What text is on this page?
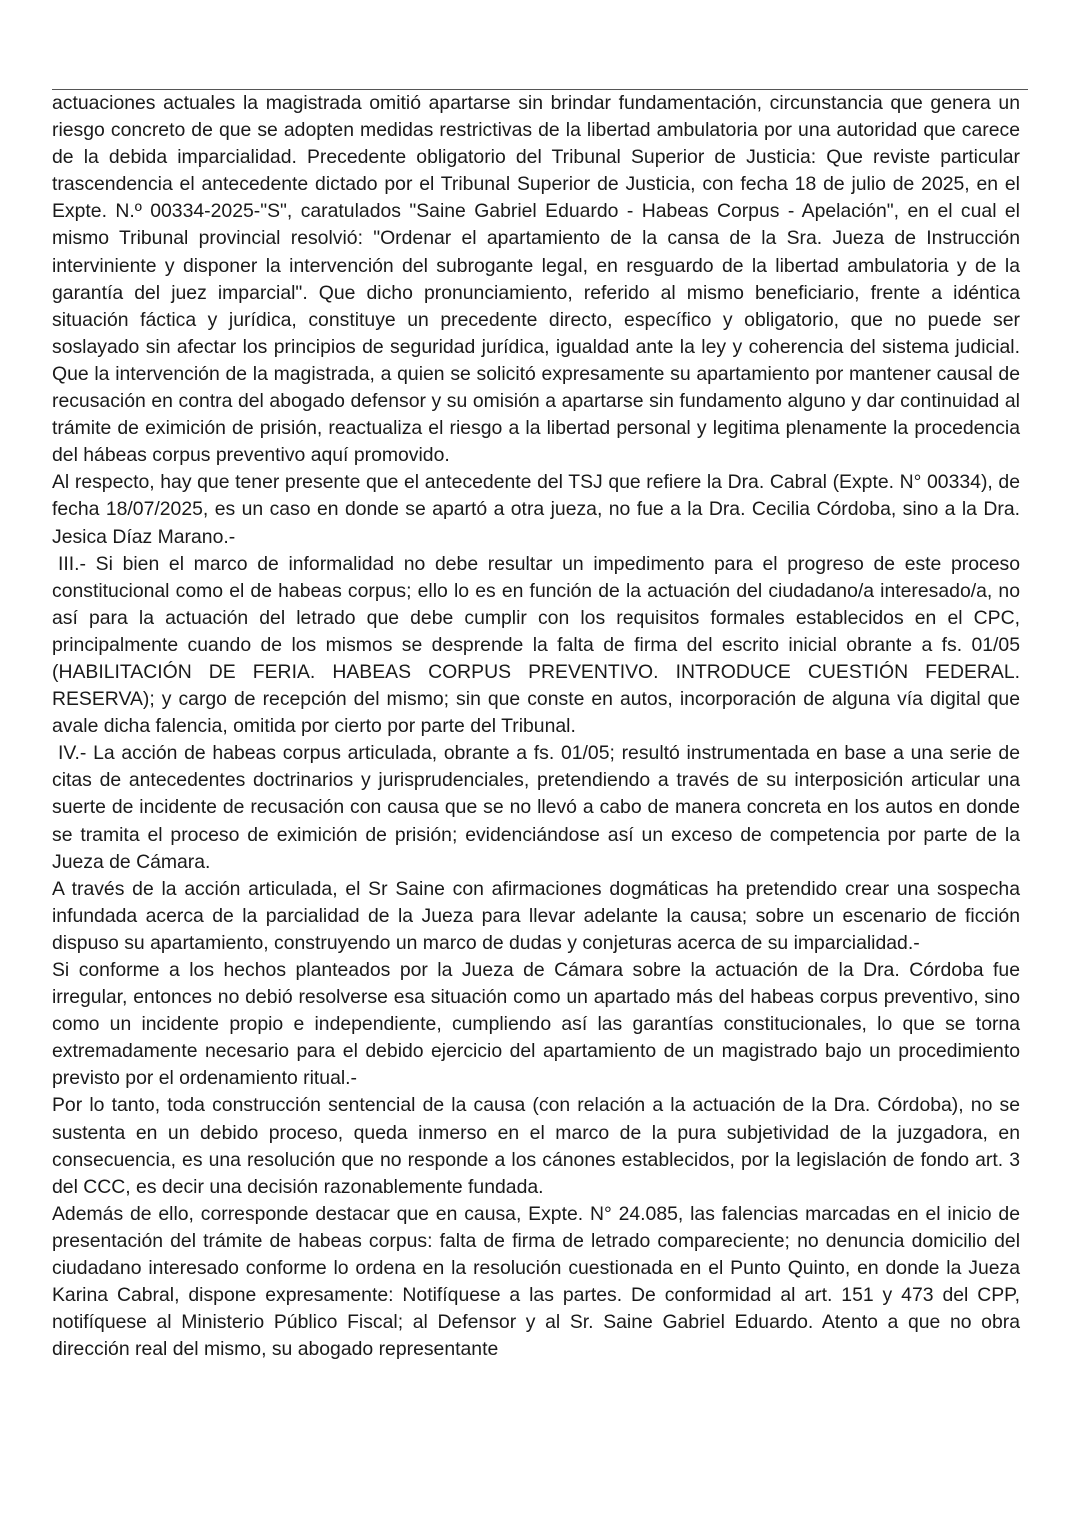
actuaciones actuales la magistrada omitió apartarse sin brindar fundamentación, circunstancia que genera un riesgo concreto de que se adopten medidas restrictivas de la libertad ambulatoria por una autoridad que carece de la debida imparcialidad. Precedente obligatorio del Tribunal Superior de Justicia: Que reviste particular trascendencia el antecedente dictado por el Tribunal Superior de Justicia, con fecha 18 de julio de 2025, en el Expte. N.º 00334-2025-"S", caratulados "Saine Gabriel Eduardo - Habeas Corpus - Apelación", en el cual el mismo Tribunal provincial resolvió: "Ordenar el apartamiento de la cansa de la Sra. Jueza de Instrucción interviniente y disponer la intervención del subrogante legal, en resguardo de la libertad ambulatoria y de la garantía del juez imparcial". Que dicho pronunciamiento, referido al mismo beneficiario, frente a idéntica situación fáctica y jurídica, constituye un precedente directo, específico y obligatorio, que no puede ser soslayado sin afectar los principios de seguridad jurídica, igualdad ante la ley y coherencia del sistema judicial. Que la intervención de la magistrada, a quien se solicitó expresamente su apartamiento por mantener causal de recusación en contra del abogado defensor y su omisión a apartarse sin fundamento alguno y dar continuidad al trámite de eximición de prisión, reactualiza el riesgo a la libertad personal y legitima plenamente la procedencia del hábeas corpus preventivo aquí promovido.

Al respecto, hay que tener presente que el antecedente del TSJ que refiere la Dra. Cabral (Expte. N° 00334), de fecha 18/07/2025, es un caso en donde se apartó a otra jueza, no fue a la Dra. Cecilia Córdoba, sino a la Dra. Jesica Díaz Marano.-

III.- Si bien el marco de informalidad no debe resultar un impedimento para el progreso de este proceso constitucional como el de habeas corpus; ello lo es en función de la actuación del ciudadano/a interesado/a, no así para la actuación del letrado que debe cumplir con los requisitos formales establecidos en el CPC, principalmente cuando de los mismos se desprende la falta de firma del escrito inicial obrante a fs. 01/05 (HABILITACIÓN DE FERIA. HABEAS CORPUS PREVENTIVO. INTRODUCE CUESTIÓN FEDERAL. RESERVA); y cargo de recepción del mismo; sin que conste en autos, incorporación de alguna vía digital que avale dicha falencia, omitida por cierto por parte del Tribunal.

IV.- La acción de habeas corpus articulada, obrante a fs. 01/05; resultó instrumentada en base a una serie de citas de antecedentes doctrinarios y jurisprudenciales, pretendiendo a través de su interposición articular una suerte de incidente de recusación con causa que se no llevó a cabo de manera concreta en los autos en donde se tramita el proceso de eximición de prisión; evidenciándose así un exceso de competencia por parte de la Jueza de Cámara.

A través de la acción articulada, el Sr Saine con afirmaciones dogmáticas ha pretendido crear una sospecha infundada acerca de la parcialidad de la Jueza para llevar adelante la causa; sobre un escenario de ficción dispuso su apartamiento, construyendo un marco de dudas y conjeturas acerca de su imparcialidad.-

Si conforme a los hechos planteados por la Jueza de Cámara sobre la actuación de la Dra. Córdoba fue irregular, entonces no debió resolverse esa situación como un apartado más del habeas corpus preventivo, sino como un incidente propio e independiente, cumpliendo así las garantías constitucionales, lo que se torna extremadamente necesario para el debido ejercicio del apartamiento de un magistrado bajo un procedimiento previsto por el ordenamiento ritual.-

Por lo tanto, toda construcción sentencial de la causa (con relación a la actuación de la Dra. Córdoba), no se sustenta en un debido proceso, queda inmerso en el marco de la pura subjetividad de la juzgadora, en consecuencia, es una resolución que no responde a los cánones establecidos, por la legislación de fondo art. 3 del CCC, es decir una decisión razonablemente fundada.

Además de ello, corresponde destacar que en causa, Expte. N° 24.085, las falencias marcadas en el inicio de presentación del trámite de habeas corpus: falta de firma de letrado compareciente; no denuncia domicilio del ciudadano interesado conforme lo ordena en la resolución cuestionada en el Punto Quinto, en donde la Jueza Karina Cabral, dispone expresamente: Notifíquese a las partes. De conformidad al art. 151 y 473 del CPP, notifíquese al Ministerio Público Fiscal; al Defensor y al Sr. Saine Gabriel Eduardo. Atento a que no obra dirección real del mismo, su abogado representante
